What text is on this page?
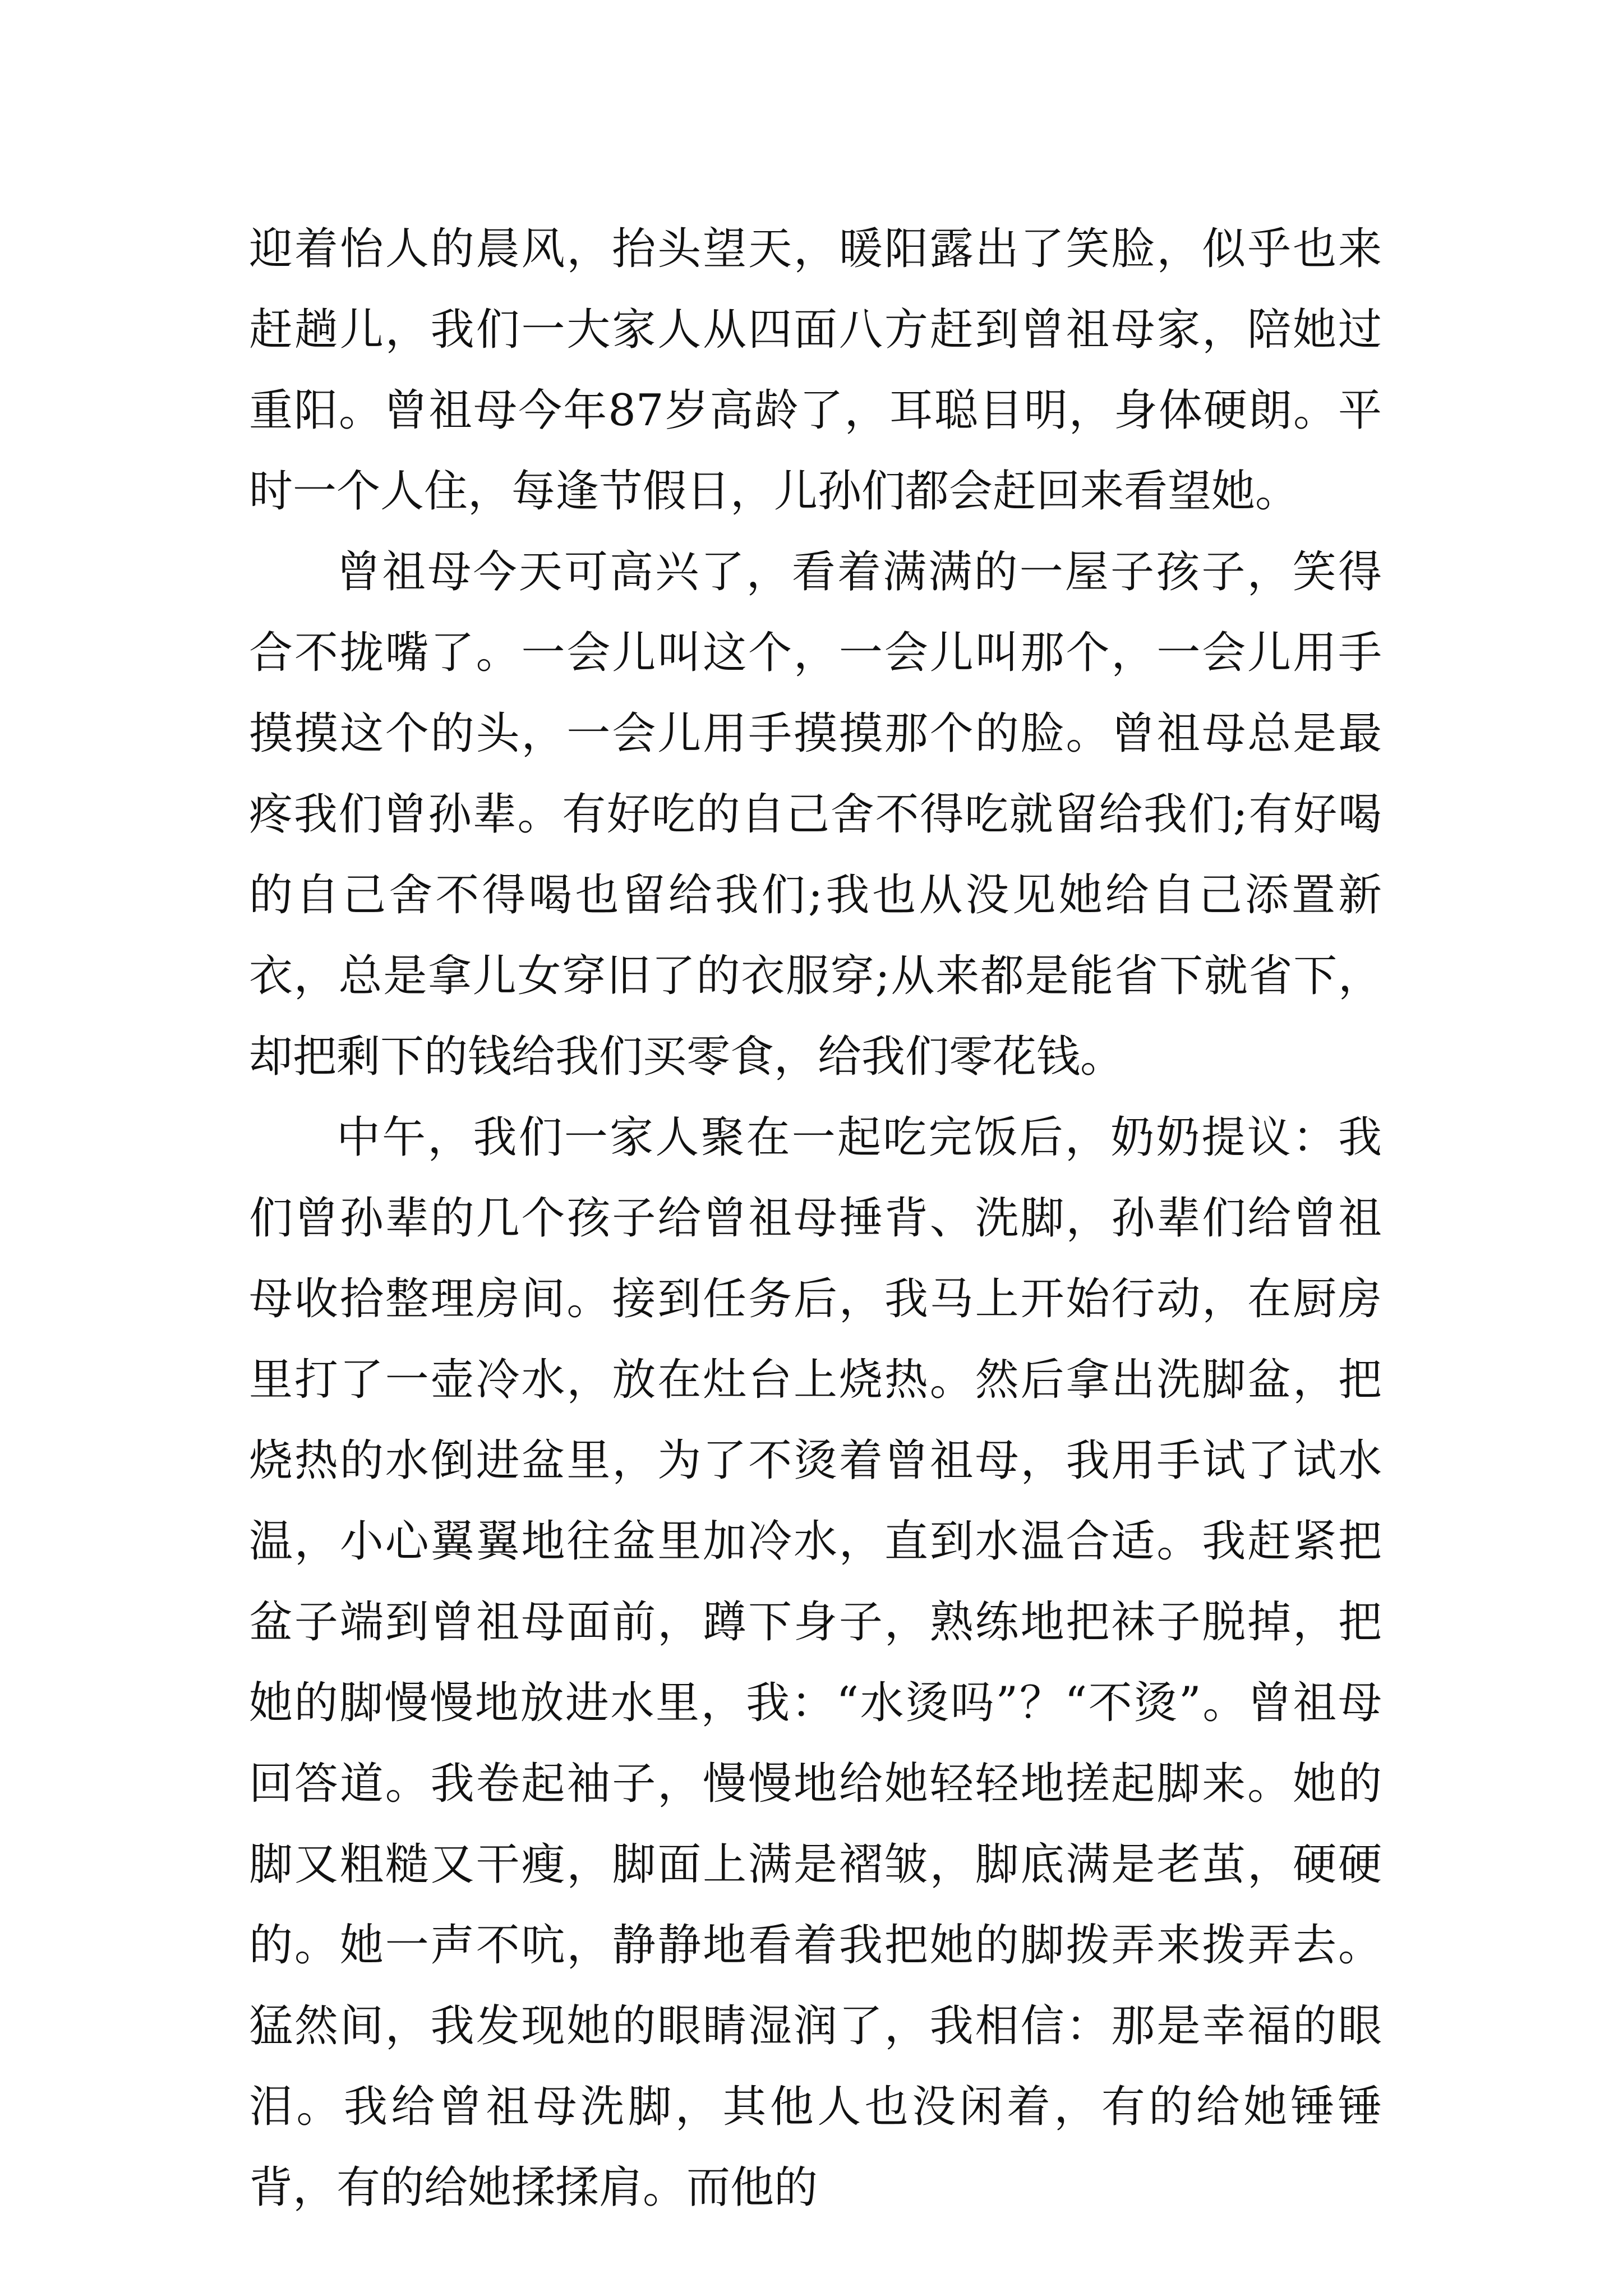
迎着怡人的晨风，抬头望天，暖阳露出了笑脸，似乎也来赶趟儿，我们一大家人从四面八方赶到曾祖母家，陪她过重阳。曾祖母今年87岁高龄了，耳聪目明，身体硬朗。平时一个人住，每逢节假日，儿孙们都会赶回来看望她。

曾祖母今天可高兴了，看着满满的一屋子孩子，笑得合不拢嘴了。一会儿叫这个，一会儿叫那个，一会儿用手摸摸这个的头，一会儿用手摸摸那个的脸。曾祖母总是最疼我们曾孙辈。有好吃的自己舍不得吃就留给我们;有好喝的自己舍不得喝也留给我们;我也从没见她给自己添置新衣，总是拿儿女穿旧了的衣服穿;从来都是能省下就省下，却把剩下的钱给我们买零食，给我们零花钱。

中午，我们一家人聚在一起吃完饭后，奶奶提议：我们曾孙辈的几个孩子给曾祖母捶背、洗脚，孙辈们给曾祖母收拾整理房间。接到任务后，我马上开始行动，在厨房里打了一壶冷水，放在灶台上烧热。然后拿出洗脚盆，把烧热的水倒进盆里，为了不烫着曾祖母，我用手试了试水温，小心翼翼地往盆里加冷水，直到水温合适。我赶紧把盆子端到曾祖母面前，蹲下身子，熟练地把袜子脱掉，把她的脚慢慢地放进水里，我：“水烫吗”？“不烫”。曾祖母回答道。我卷起袖子，慢慢地给她轻轻地搓起脚来。她的脚又粗糙又干瘦，脚面上满是褶皱，脚底满是老茧，硬硬的。她一声不吭，静静地看着我把她的脚拨弄来拨弄去。猛然间，我发现她的眼睛湿润了，我相信：那是幸福的眼泪。我给曾祖母洗脚，其他人也没闲着，有的给她锤锤背，有的给她揉揉肩。而他的
